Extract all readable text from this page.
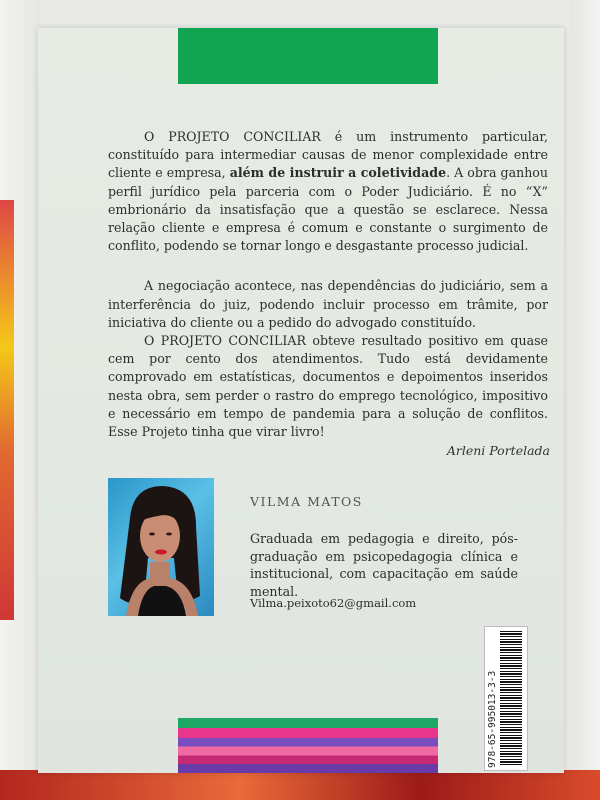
O PROJETO CONCILIAR é um instrumento particular, constituído para intermediar causas de menor complexidade entre cliente e empresa, além de instruir a coletividade. A obra ganhou perfil jurídico pela parceria com o Poder Judiciário. É no “X” embrionário da insatisfação que a questão se esclarece. Nessa relação cliente e empresa é comum e constante o surgimento de conflito, podendo se tornar longo e desgastante processo judicial.

A negociação acontece, nas dependências do judiciário, sem a interferência do juiz, podendo incluir processo em trâmite, por iniciativa do cliente ou a pedido do advogado constituído.

O PROJETO CONCILIAR obteve resultado positivo em quase cem por cento dos atendimentos. Tudo está devidamente comprovado em estatísticas, documentos e depoimentos inseridos nesta obra, sem perder o rastro do emprego tecnológico, impositivo e necessário em tempo de pandemia para a solução de conflitos. Esse Projeto tinha que virar livro!

Arleni Portelada
VILMA MATOS

Graduada em pedagogia e direito, pós-graduação em psicopedagogia clínica e institucional, com capacitação em saúde mental.

Vilma.peixoto62@gmail.com
978-65-995013-3-3
